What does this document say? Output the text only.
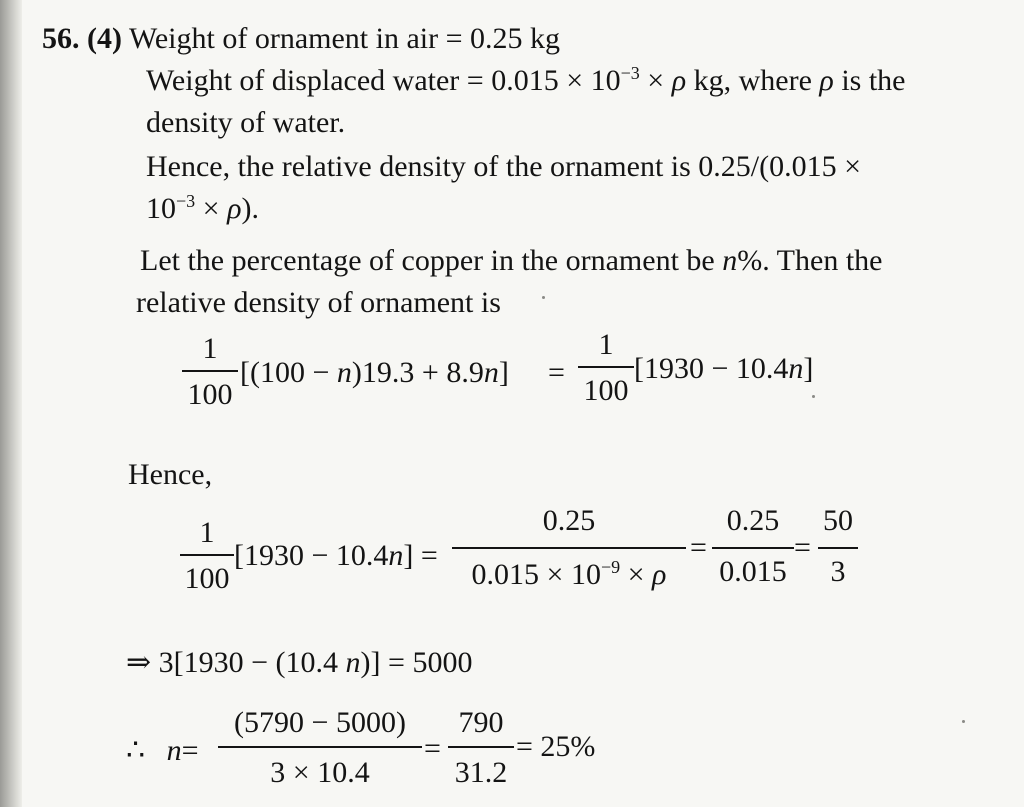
56. (4) Weight of ornament in air = 0.25 kg
Weight of displaced water = $0.015 \times 10^{-3} \times \rho$ kg, where ρ is the
density of water.
Hence, the relative density of the ornament is 0.25/(0.015 ×
$10^{-3} \times \rho$).
Let the percentage of copper in the ornament be n%. Then the
relative density of ornament is
1
100
[(100 − n)19.3 + 8.9n] =
1
100
[1930 − 10.4n]
Hence,
1
100
[1930 − 10.4n] =
0.25
$0.015 \times 10^{-9} \times \rho$
=
0.25
0.015
=
50
3
⇒ 3[1930 − (10.4 n)] = 5000
∴ n=
(5790 − 5000)
3 × 10.4
=
790
31.2
= 25%
